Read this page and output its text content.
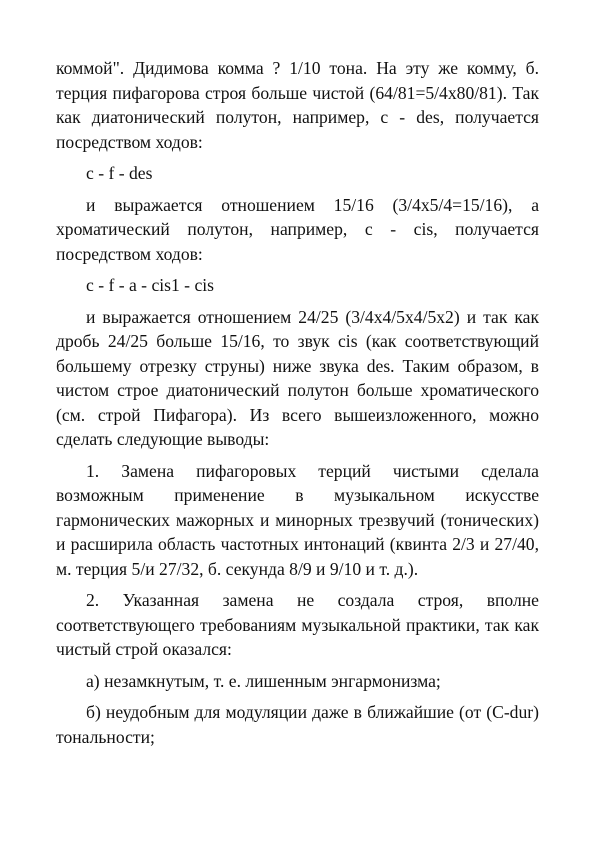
коммой". Дидимова комма ? 1/10 тона. На эту же комму, б. терция пифагорова строя больше чистой (64/81=5/4x80/81). Так как диатонический полутон, например, c - des, получается посредством ходов:

c - f - des

и выражается отношением 15/16 (3/4x5/4=15/16), а хроматический полутон, например, c - cis, получается посредством ходов:

c - f - a - cis1 - cis

и выражается отношением 24/25 (3/4x4/5x4/5x2) и так как дробь 24/25 больше 15/16, то звук cis (как соответствующий большему отрезку струны) ниже звука des. Таким образом, в чистом строе диатонический полутон больше хроматического (см. строй Пифагора). Из всего вышеизложенного, можно сделать следующие выводы:

1. Замена пифагоровых терций чистыми сделала возможным применение в музыкальном искусстве гармонических мажорных и минорных трезвучий (тонических) и расширила область частотных интонаций (квинта 2/3 и 27/40, м. терция 5/и 27/32, б. секунда 8/9 и 9/10 и т. д.).

2. Указанная замена не создала строя, вполне соответствующего требованиям музыкальной практики, так как чистый строй оказался:

а) незамкнутым, т. е. лишенным энгармонизма;

б) неудобным для модуляции даже в ближайшие (от (C-dur) тональности;
